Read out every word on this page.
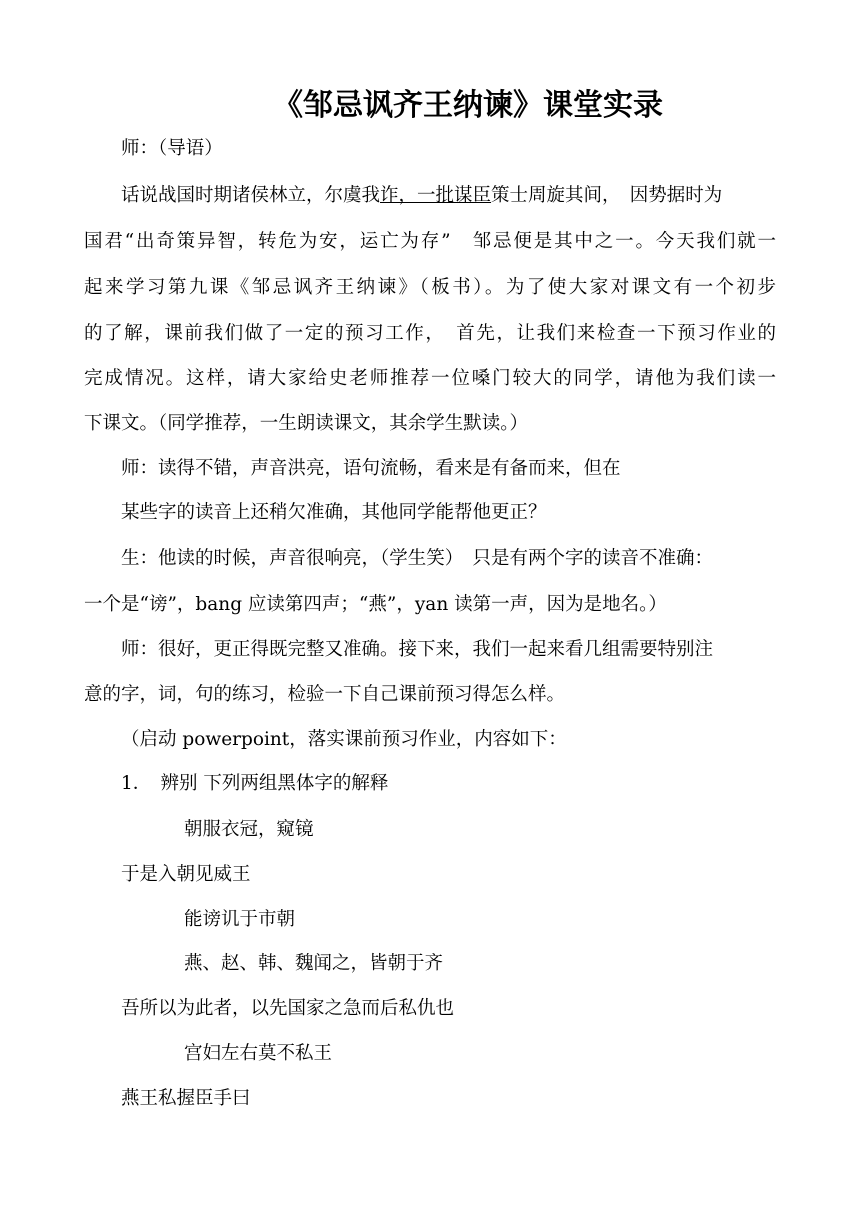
《邹忌讽齐王纳谏》课堂实录
师：（导语）
话说战国时期诸侯林立，尔虞我诈，一批谋臣策士周旋其间，　因势据时为
国君“出奇策异智，转危为安，运亡为存”　邹忌便是其中之一。今天我们就一
起来学习第九课《邹忌讽齐王纳谏》（板书）。为了使大家对课文有一个初步
的了解，课前我们做了一定的预习工作，　首先，让我们来检查一下预习作业的
完成情况。这样，请大家给史老师推荐一位嗓门较大的同学，请他为我们读一
下课文。（同学推荐，一生朗读课文，其余学生默读。）
师：读得不错，声音洪亮，语句流畅，看来是有备而来，但在
某些字的读音上还稍欠准确，其他同学能帮他更正？
生：他读的时候，声音很响亮，（学生笑）　只是有两个字的读音不准确：
一个是“谤”，bang 应读第四声；“燕”，yan 读第一声，因为是地名。）
师：很好，更正得既完整又准确。接下来，我们一起来看几组需要特别注
意的字，词，句的练习，检验一下自己课前预习得怎么样。
（启动 powerpoint，落实课前预习作业，内容如下：
1．　辨别 下列两组黑体字的解释
朝服衣冠，窥镜
于是入朝见威王
能谤讥于市朝
燕、赵、韩、魏闻之，皆朝于齐
吾所以为此者，以先国家之急而后私仇也
宫妇左右莫不私王
燕王私握臣手曰
